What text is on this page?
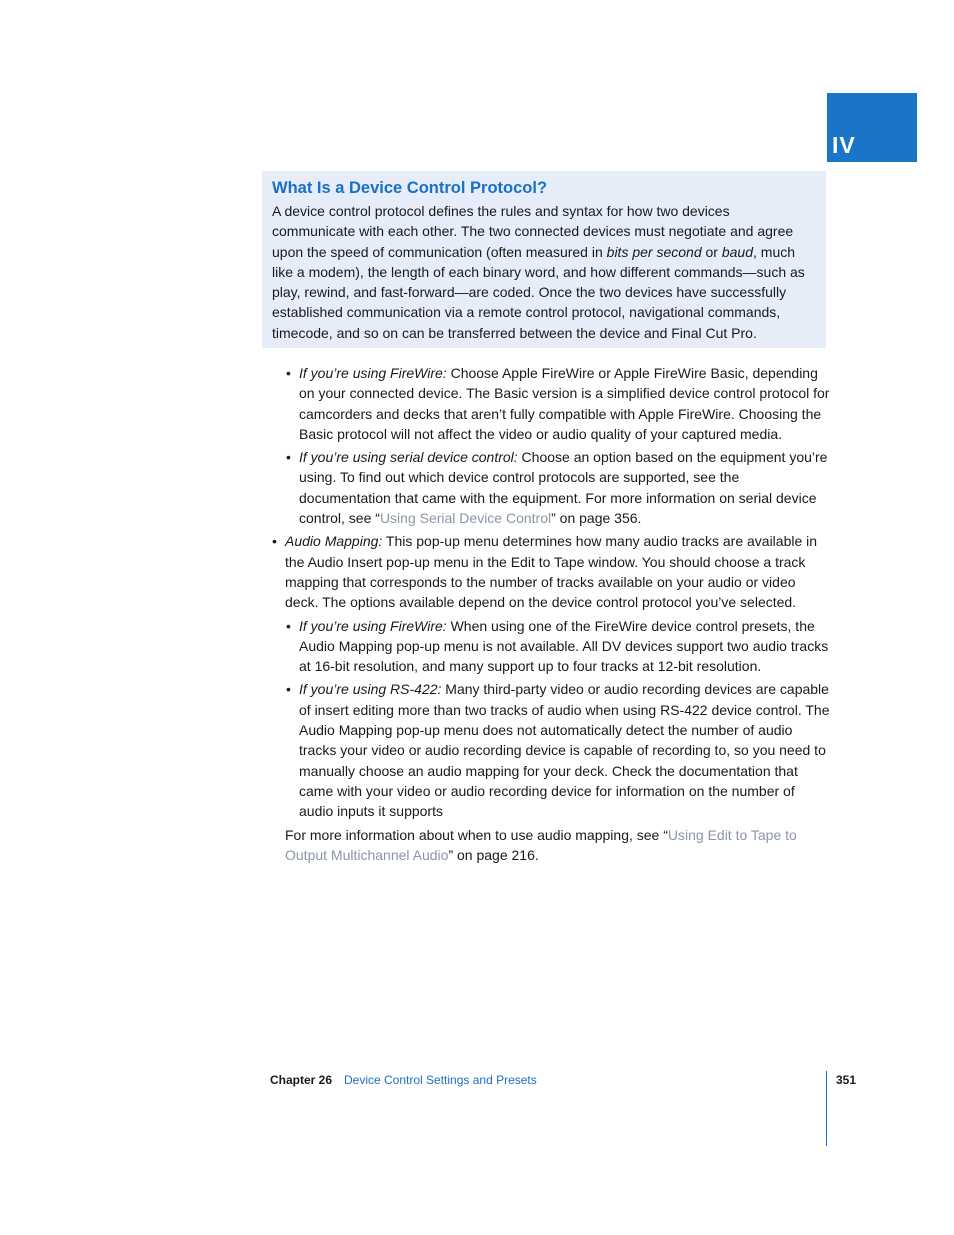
IV
What Is a Device Control Protocol?

A device control protocol defines the rules and syntax for how two devices communicate with each other. The two connected devices must negotiate and agree upon the speed of communication (often measured in bits per second or baud, much like a modem), the length of each binary word, and how different commands—such as play, rewind, and fast-forward—are coded. Once the two devices have successfully established communication via a remote control protocol, navigational commands, timecode, and so on can be transferred between the device and Final Cut Pro.

• If you’re using FireWire: Choose Apple FireWire or Apple FireWire Basic, depending on your connected device. The Basic version is a simplified device control protocol for camcorders and decks that aren’t fully compatible with Apple FireWire. Choosing the Basic protocol will not affect the video or audio quality of your captured media.
• If you’re using serial device control: Choose an option based on the equipment you’re using. To find out which device control protocols are supported, see the documentation that came with the equipment. For more information on serial device control, see “Using Serial Device Control” on page 356.
• Audio Mapping: This pop-up menu determines how many audio tracks are available in the Audio Insert pop-up menu in the Edit to Tape window. You should choose a track mapping that corresponds to the number of tracks available on your audio or video deck. The options available depend on the device control protocol you’ve selected.
• If you’re using FireWire: When using one of the FireWire device control presets, the Audio Mapping pop-up menu is not available. All DV devices support two audio tracks at 16-bit resolution, and many support up to four tracks at 12-bit resolution.
• If you’re using RS-422: Many third-party video or audio recording devices are capable of insert editing more than two tracks of audio when using RS-422 device control. The Audio Mapping pop-up menu does not automatically detect the number of audio tracks your video or audio recording device is capable of recording to, so you need to manually choose an audio mapping for your deck. Check the documentation that came with your video or audio recording device for information on the number of audio inputs it supports
For more information about when to use audio mapping, see “Using Edit to Tape to Output Multichannel Audio” on page 216.
Chapter 26 Device Control Settings and Presets	351
